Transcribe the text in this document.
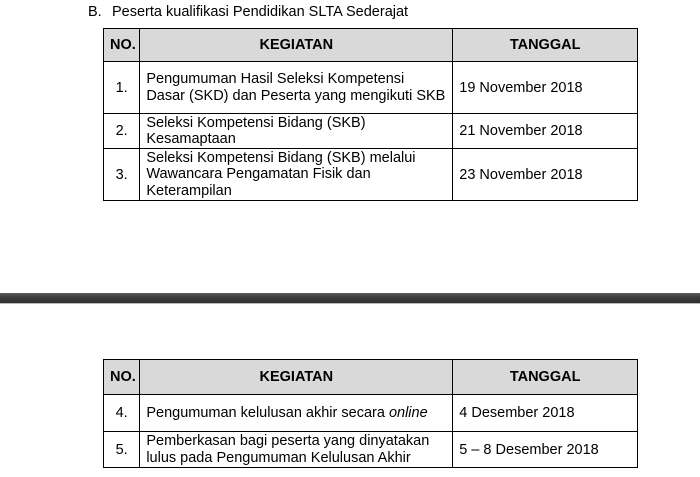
B. Peserta kualifikasi Pendidikan SLTA Sederajat
NO.	KEGIATAN	TANGGAL
1.	Pengumuman Hasil Seleksi Kompetensi Dasar (SKD) dan Peserta yang mengikuti SKB	19 November 2018
2.	Seleksi Kompetensi Bidang (SKB) Kesamaptaan	21 November 2018
3.	Seleksi Kompetensi Bidang (SKB) melalui Wawancara Pengamatan Fisik dan Keterampilan	23 November 2018
NO.	KEGIATAN	TANGGAL
4.	Pengumuman kelulusan akhir secara online	4 Desember 2018
5.	Pemberkasan bagi peserta yang dinyatakan lulus pada Pengumuman Kelulusan Akhir	5 – 8 Desember 2018
